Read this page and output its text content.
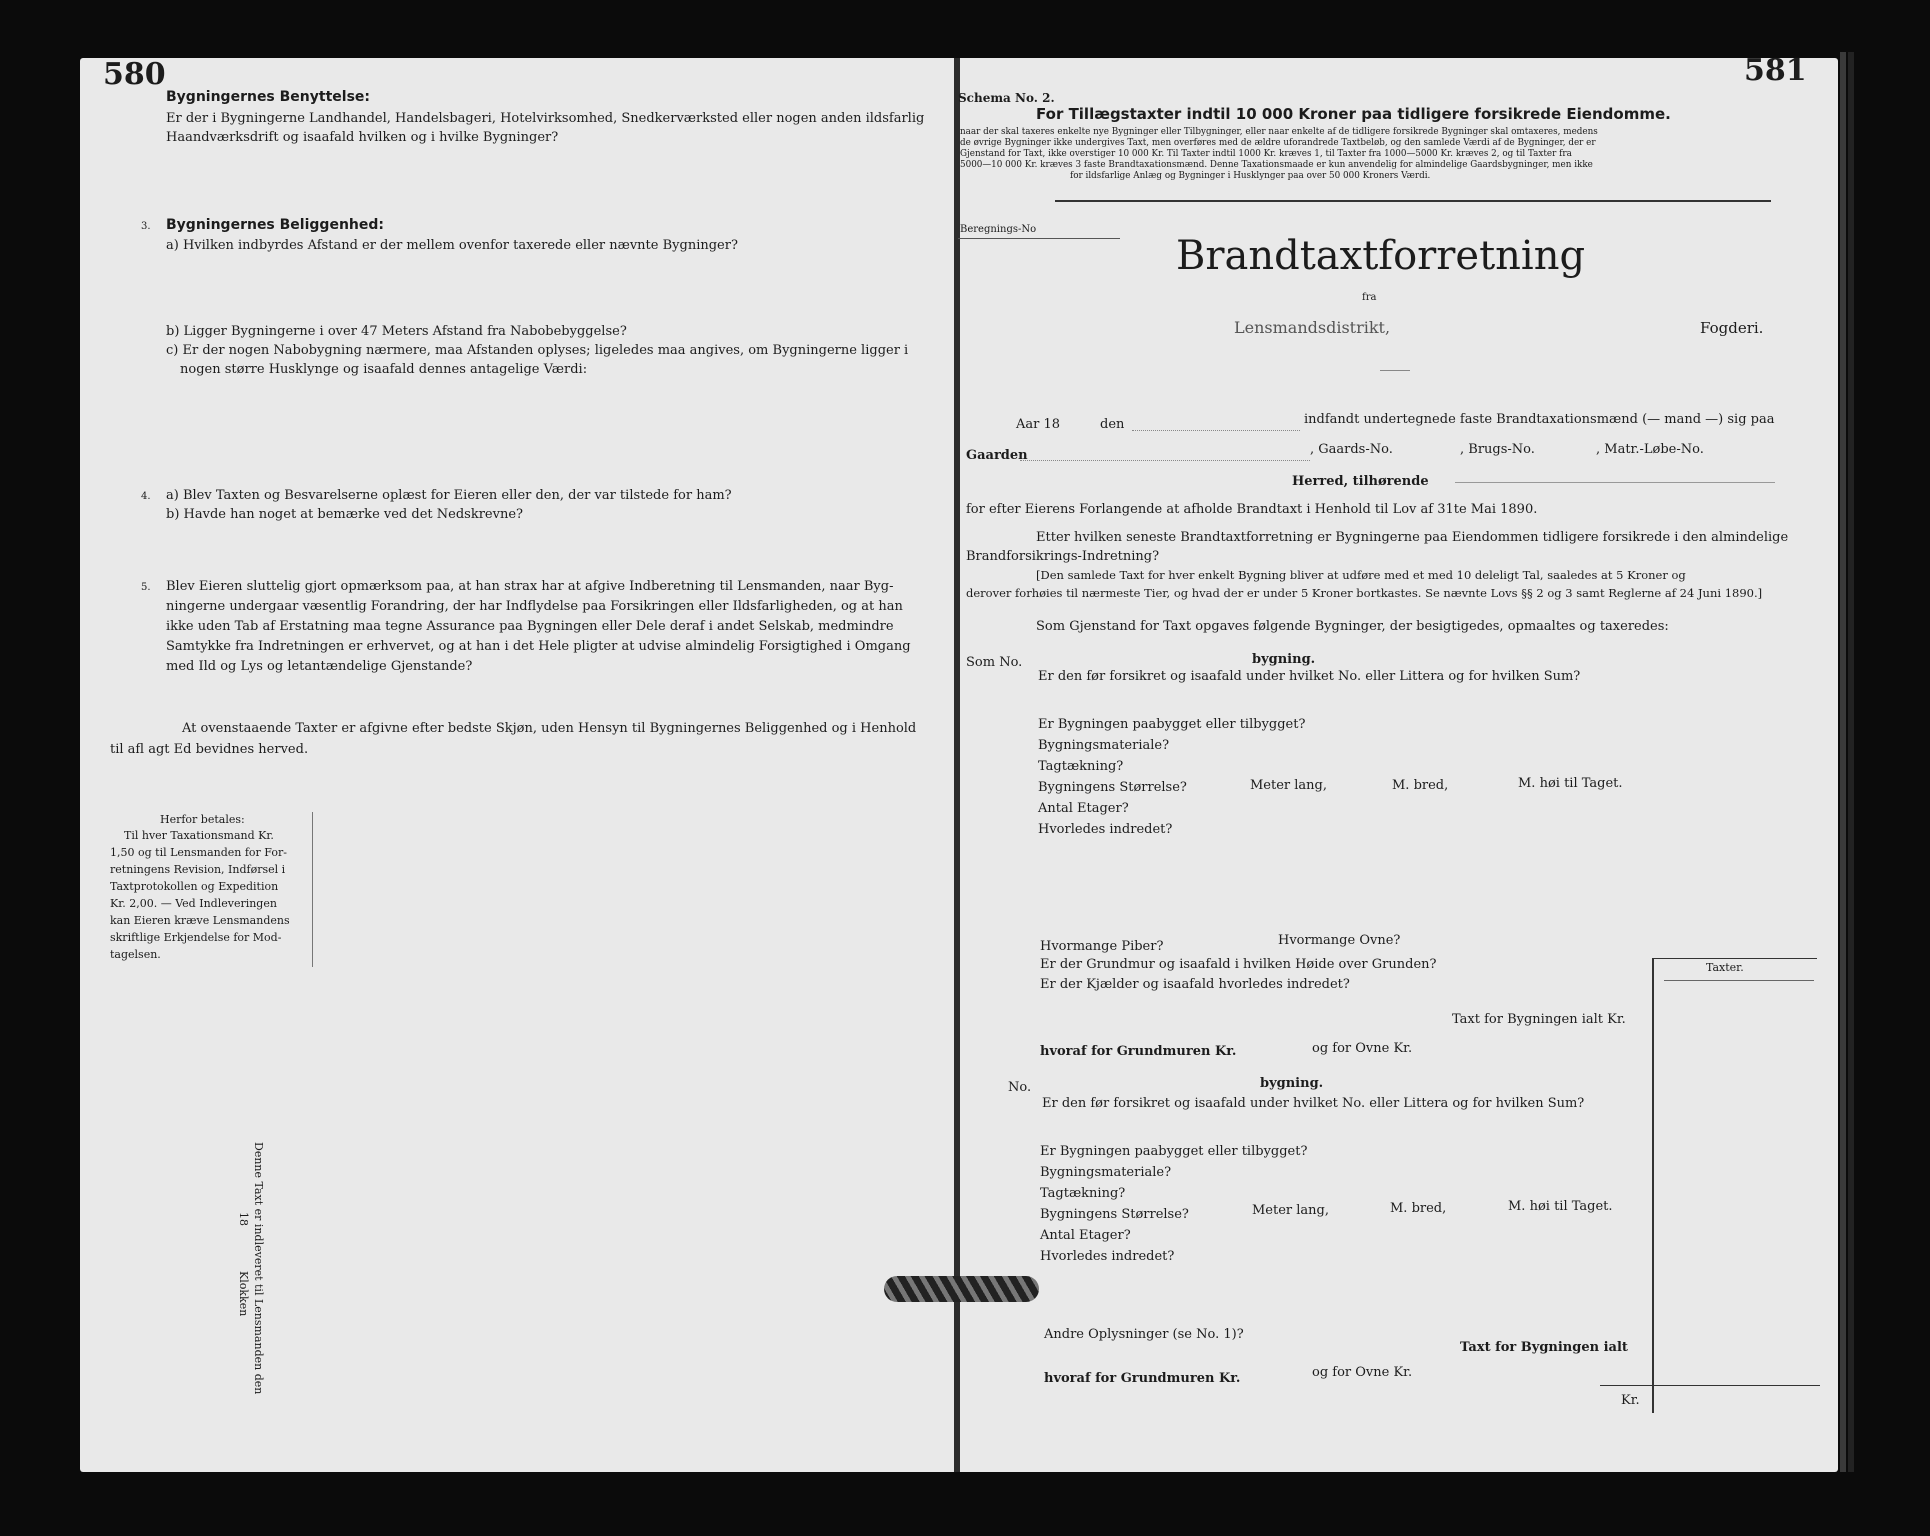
580
Bygningernes Benyttelse:
Er der i Bygningerne Landhandel, Handelsbageri, Hotelvirksomhed, Snedkerværksted eller nogen anden ildsfarlig
Haandværksdrift og isaafald hvilken og i hvilke Bygninger?
3. Bygningernes Beliggenhed:
a) Hvilken indbyrdes Afstand er der mellem ovenfor taxerede eller nævnte Bygninger?
b) Ligger Bygningerne i over 47 Meters Afstand fra Nabobebyggelse?
c) Er der nogen Nabobygning nærmere, maa Afstanden oplyses; ligeledes maa angives, om Bygningerne ligger i
nogen større Husklynge og isaafald dennes antagelige Værdi:
4. a) Blev Taxten og Besvarelserne oplæst for Eieren eller den, der var tilstede for ham?
b) Havde han noget at bemærke ved det Nedskrevne?
5. Blev Eieren sluttelig gjort opmærksom paa, at han strax har at afgive Indberetning til Lensmanden, naar Byg-
ningerne undergaar væsentlig Forandring, der har Indflydelse paa Forsikringen eller Ildsfarligheden, og at han
ikke uden Tab af Erstatning maa tegne Assurance paa Bygningen eller Dele deraf i andet Selskab, medmindre
Samtykke fra Indretningen er erhvervet, og at han i det Hele pligter at udvise almindelig Forsigtighed i Omgang
med Ild og Lys og letantændelige Gjenstande?
At ovenstaaende Taxter er afgivne efter bedste Skjøn, uden Hensyn til Bygningernes Beliggenhed og i Henhold
til afl agt Ed bevidnes herved.
Herfor betales:
Til hver Taxationsmand Kr.
1,50 og til Lensmanden for For-
retningens Revision, Indførsel i
Taxtprotokollen og Expedition
Kr. 2,00. — Ved Indleveringen
kan Eieren kræve Lensmandens
skriftlige Erkjendelse for Mod-
tagelsen.
Denne Taxt er indleveret til Lensmanden den
18
Klokken
Schema No. 2.
For Tillægstaxter indtil 10 000 Kroner paa tidligere forsikrede Eiendomme.
581
naar der skal taxeres enkelte nye Bygninger eller Tilbygninger, eller naar enkelte af de tidligere forsikrede Bygninger skal omtaxeres, medens
de øvrige Bygninger ikke undergives Taxt, men overføres med de ældre uforandrede Taxtbeløb, og den samlede Værdi af de Bygninger, der er
Gjenstand for Taxt, ikke overstiger 10 000 Kr. Til Taxter indtil 1000 Kr. kræves 1, til Taxter fra 1000—5000 Kr. kræves 2, og til Taxter fra
5000—10 000 Kr. kræves 3 faste Brandtaxationsmænd. Denne Taxationsmaade er kun anvendelig for almindelige Gaardsbygninger, men ikke
for ildsfarlige Anlæg og Bygninger i Husklynger paa over 50 000 Kroners Værdi.
Beregnings-No
Brandtaxtforretning
fra
Lensmandsdistrikt,	Fogderi.
Aar 18	den	indfandt undertegnede faste Brandtaxationsmænd (— mand —) sig paa
Gaarden	, Gaards-No.	, Brugs-No.	, Matr.-Løbe-No.
Herred, tilhørende
for efter Eierens Forlangende at afholde Brandtaxt i Henhold til Lov af 31te Mai 1890.
Etter hvilken seneste Brandtaxtforretning er Bygningerne paa Eiendommen tidligere forsikrede i den almindelige
Brandforsikrings-Indretning?
[Den samlede Taxt for hver enkelt Bygning bliver at udføre med et med 10 deleligt Tal, saaledes at 5 Kroner og
derover forhøies til nærmeste Tier, og hvad der er under 5 Kroner bortkastes. Se nævnte Lovs §§ 2 og 3 samt Reglerne af 24 Juni 1890.]
Som Gjenstand for Taxt opgaves følgende Bygninger, der besigtigedes, opmaaltes og taxeredes:
Som No.	bygning.
Er den før forsikret og isaafald under hvilket No. eller Littera og for hvilken Sum?
Er Bygningen paabygget eller tilbygget?
Bygningsmateriale?
Tagtækning?
Bygningens Størrelse?	Meter lang,	M. bred,	M. høi til Taget.
Antal Etager?
Hvorledes indredet?
Hvormange Piber?	Hvormange Ovne?
Er der Grundmur og isaafald i hvilken Høide over Grunden?
Er der Kjælder og isaafald hvorledes indredet?
Taxter.
Taxt for Bygningen ialt Kr.
hvoraf for Grundmuren Kr.	og for Ovne Kr.
No.	bygning.
Er den før forsikret og isaafald under hvilket No. eller Littera og for hvilken Sum?
Er Bygningen paabygget eller tilbygget?
Bygningsmateriale?
Tagtækning?
Bygningens Størrelse?	Meter lang,	M. bred,	M. høi til Taget.
Antal Etager?
Hvorledes indredet?
Andre Oplysninger (se No. 1)?
Taxt for Bygningen ialt
hvoraf for Grundmuren Kr.	og for Ovne Kr.
Kr.
